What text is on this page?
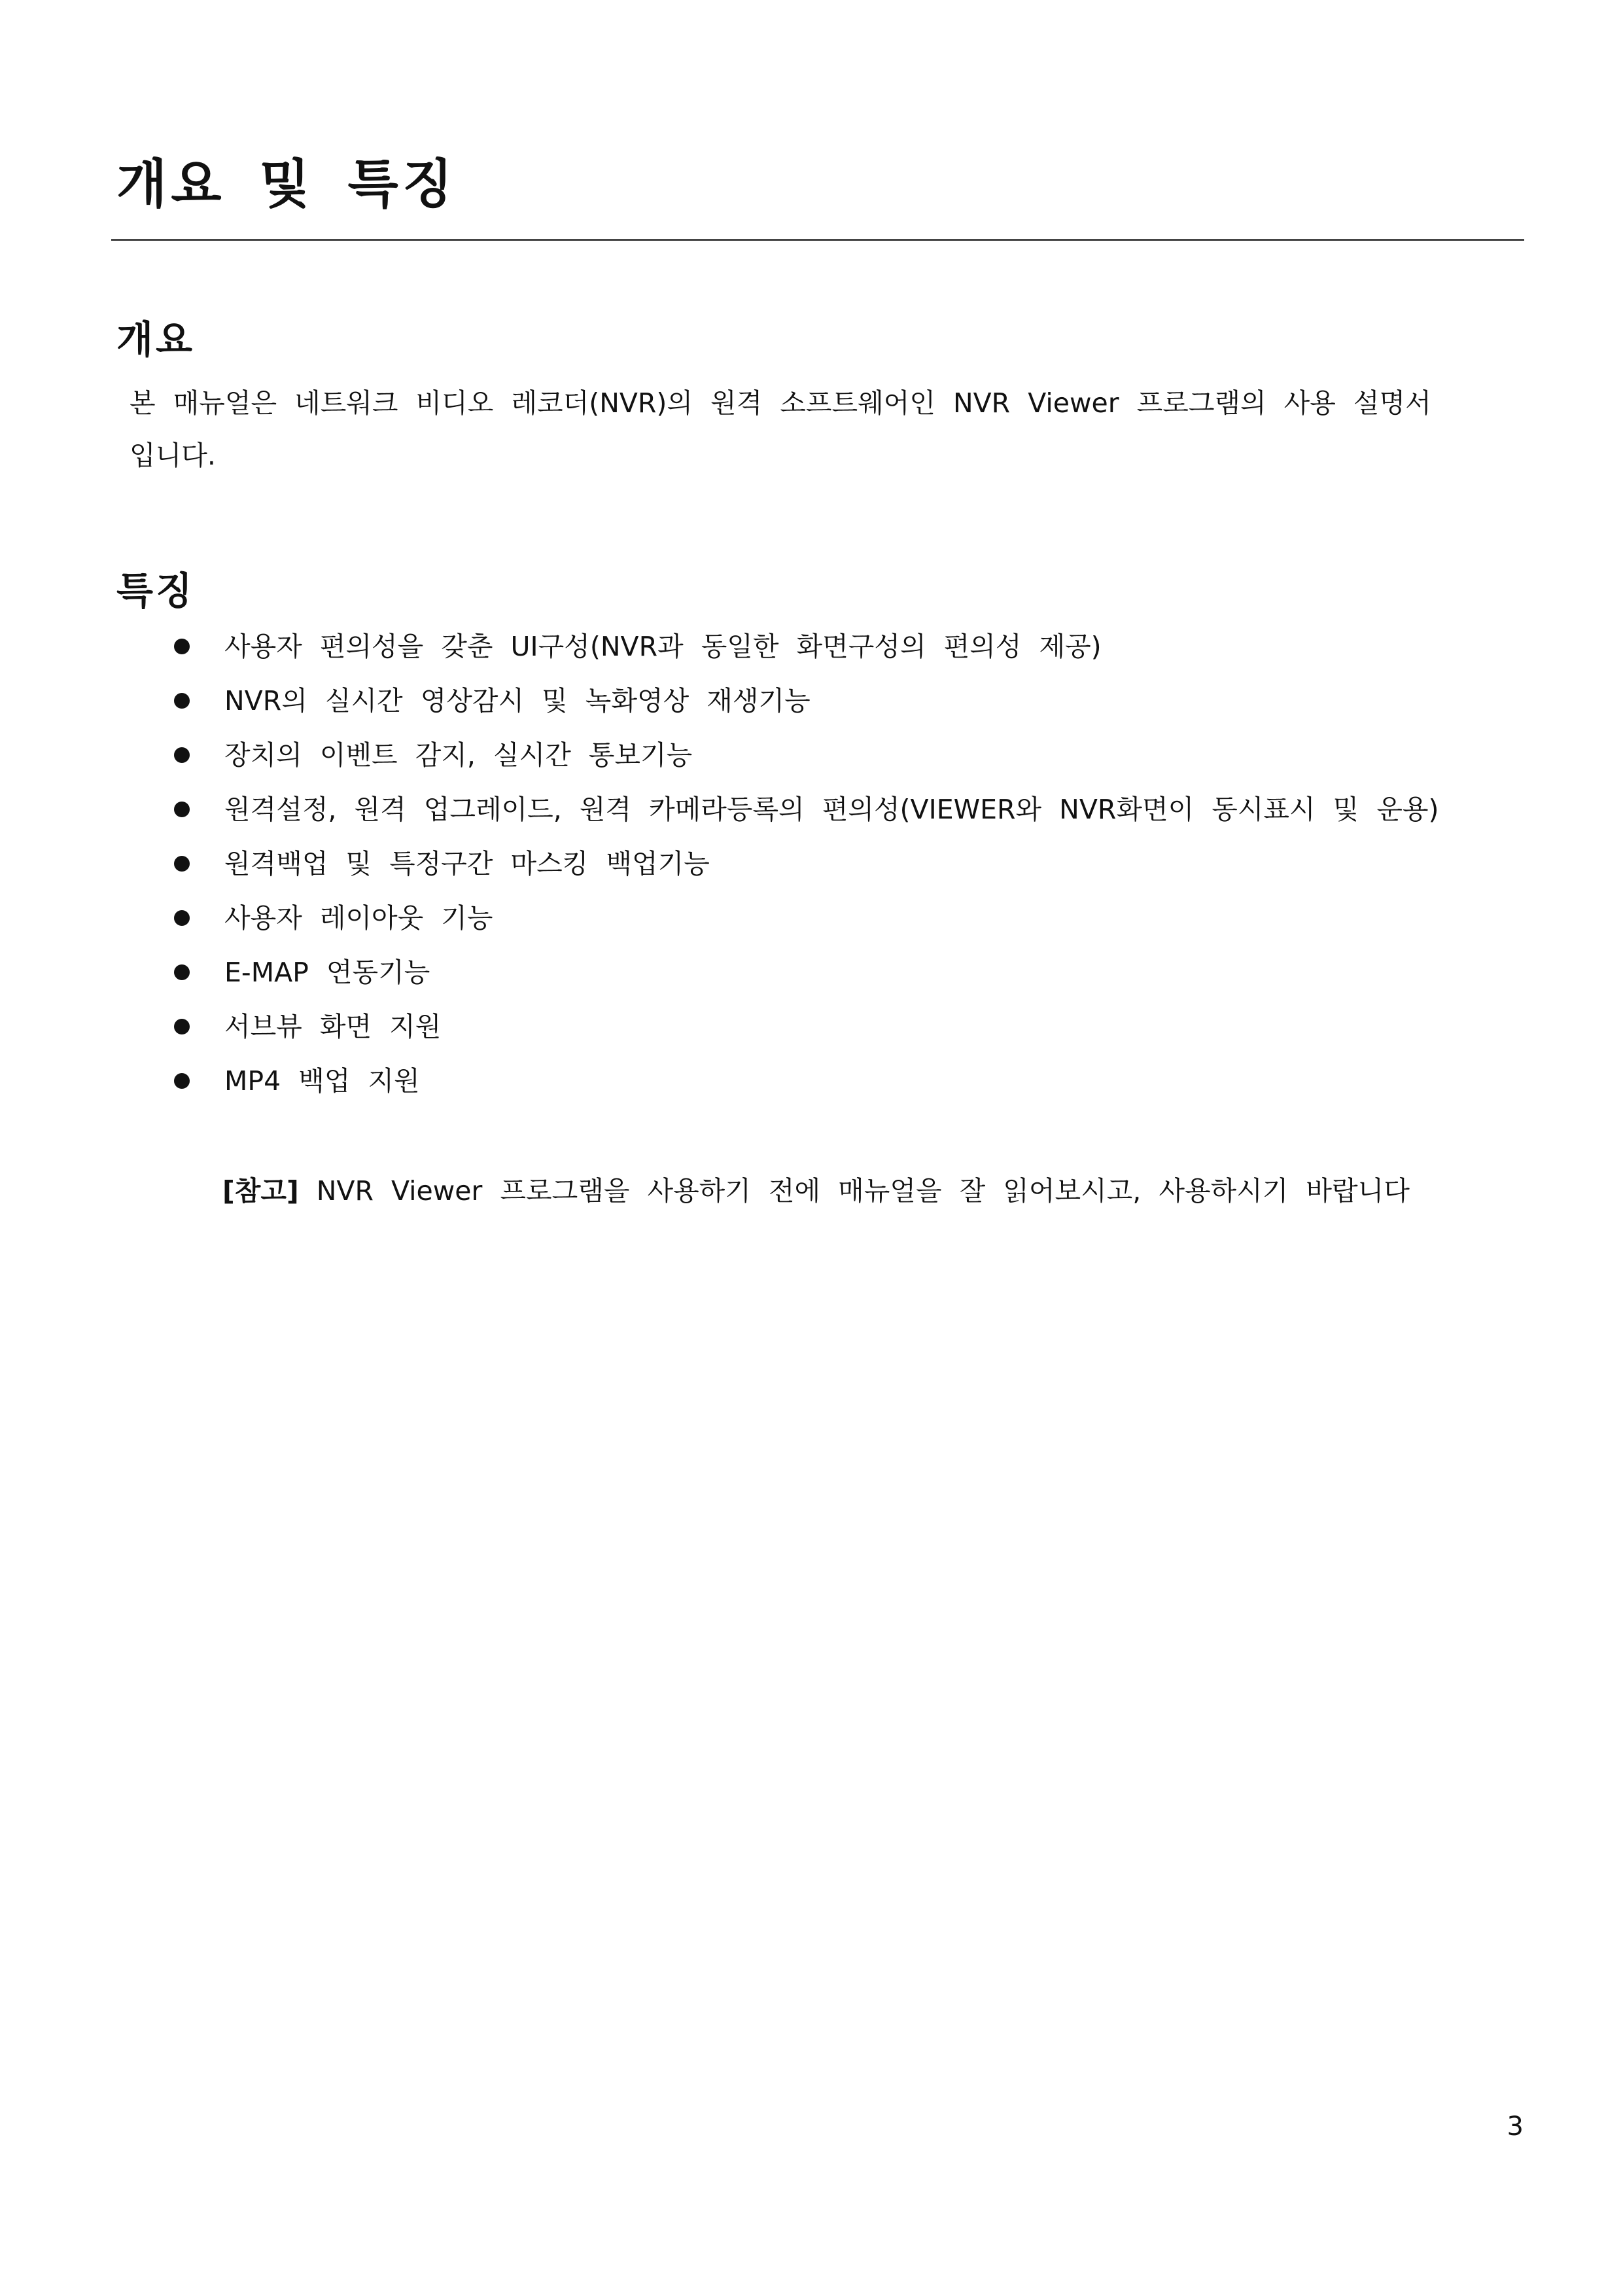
개요 및 특징
개요

본 매뉴얼은 네트워크 비디오 레코더(NVR)의 원격 소프트웨어인 NVR Viewer 프로그램의 사용 설명서
입니다.

특징
사용자 편의성을 갖춘 UI구성(NVR과 동일한 화면구성의 편의성 제공)
NVR의 실시간 영상감시 및 녹화영상 재생기능
장치의 이벤트 감지, 실시간 통보기능
원격설정, 원격 업그레이드, 원격 카메라등록의 편의성(VIEWER와 NVR화면이 동시표시 및 운용)
원격백업 및 특정구간 마스킹 백업기능
사용자 레이아웃 기능
E-MAP 연동기능
서브뷰 화면 지원
MP4 백업 지원

[참고] NVR Viewer 프로그램을 사용하기 전에 매뉴얼을 잘 읽어보시고, 사용하시기 바랍니다

3
